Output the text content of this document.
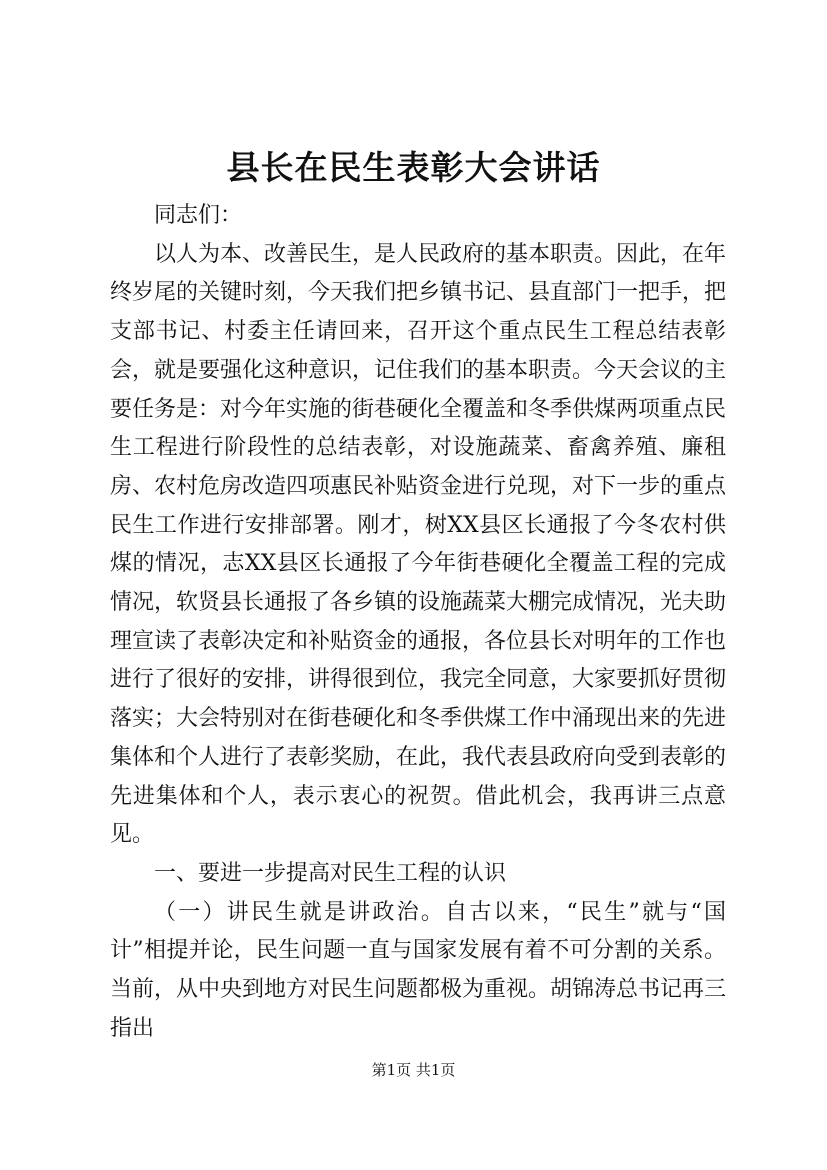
县长在民生表彰大会讲话

同志们：

以人为本、改善民生，是人民政府的基本职责。因此，在年终岁尾的关键时刻，今天我们把乡镇书记、县直部门一把手，把支部书记、村委主任请回来，召开这个重点民生工程总结表彰会，就是要强化这种意识，记住我们的基本职责。今天会议的主要任务是：对今年实施的街巷硬化全覆盖和冬季供煤两项重点民生工程进行阶段性的总结表彰，对设施蔬菜、畜禽养殖、廉租房、农村危房改造四项惠民补贴资金进行兑现，对下一步的重点民生工作进行安排部署。刚才，树XX县区长通报了今冬农村供煤的情况，志XX县区长通报了今年街巷硬化全覆盖工程的完成情况，软贤县长通报了各乡镇的设施蔬菜大棚完成情况，光夫助理宣读了表彰决定和补贴资金的通报，各位县长对明年的工作也进行了很好的安排，讲得很到位，我完全同意，大家要抓好贯彻落实；大会特别对在街巷硬化和冬季供煤工作中涌现出来的先进集体和个人进行了表彰奖励，在此，我代表县政府向受到表彰的先进集体和个人，表示衷心的祝贺。借此机会，我再讲三点意见。

一、要进一步提高对民生工程的认识

（一）讲民生就是讲政治。自古以来，“民生”就与“国计”相提并论，民生问题一直与国家发展有着不可分割的关系。当前，从中央到地方对民生问题都极为重视。胡锦涛总书记再三指出

第1页 共1页
